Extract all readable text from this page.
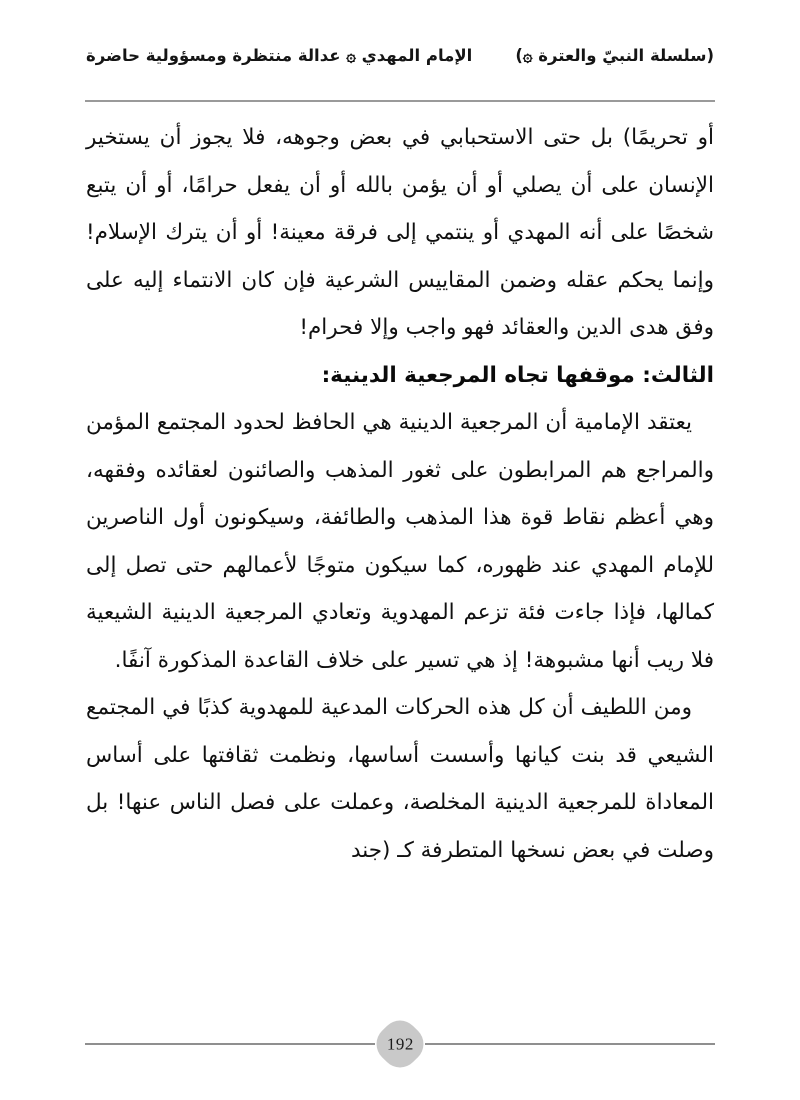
(سلسلة النبيّ والعترة ۞)
الإمام المهدي ۞ عدالة منتظرة ومسؤولية حاضرة

أو تحريمًا) بل حتى الاستحبابي في بعض وجوهه، فلا يجوز أن يستخير الإنسان على أن يصلي أو أن يؤمن بالله أو أن يفعل حرامًا، أو أن يتبع شخصًا على أنه المهدي أو ينتمي إلى فرقة معينة! أو أن يترك الإسلام! وإنما يحكم عقله وضمن المقاييس الشرعية فإن كان الانتماء إليه على وفق هدى الدين والعقائد فهو واجب وإلا فحرام!

الثالث: موقفها تجاه المرجعية الدينية:

يعتقد الإمامية أن المرجعية الدينية هي الحافظ لحدود المجتمع المؤمن والمراجع هم المرابطون على ثغور المذهب والصائنون لعقائده وفقهه، وهي أعظم نقاط قوة هذا المذهب والطائفة، وسيكونون أول الناصرين للإمام المهدي عند ظهوره، كما سيكون متوجًا لأعمالهم حتى تصل إلى كمالها، فإذا جاءت فئة تزعم المهدوية وتعادي المرجعية الدينية الشيعية فلا ريب أنها مشبوهة! إذ هي تسير على خلاف القاعدة المذكورة آنفًا.

ومن اللطيف أن كل هذه الحركات المدعية للمهدوية كذبًا في المجتمع الشيعي قد بنت كيانها وأسست أساسها، ونظمت ثقافتها على أساس المعاداة للمرجعية الدينية المخلصة، وعملت على فصل الناس عنها! بل وصلت في بعض نسخها المتطرفة كـ (جند

192
